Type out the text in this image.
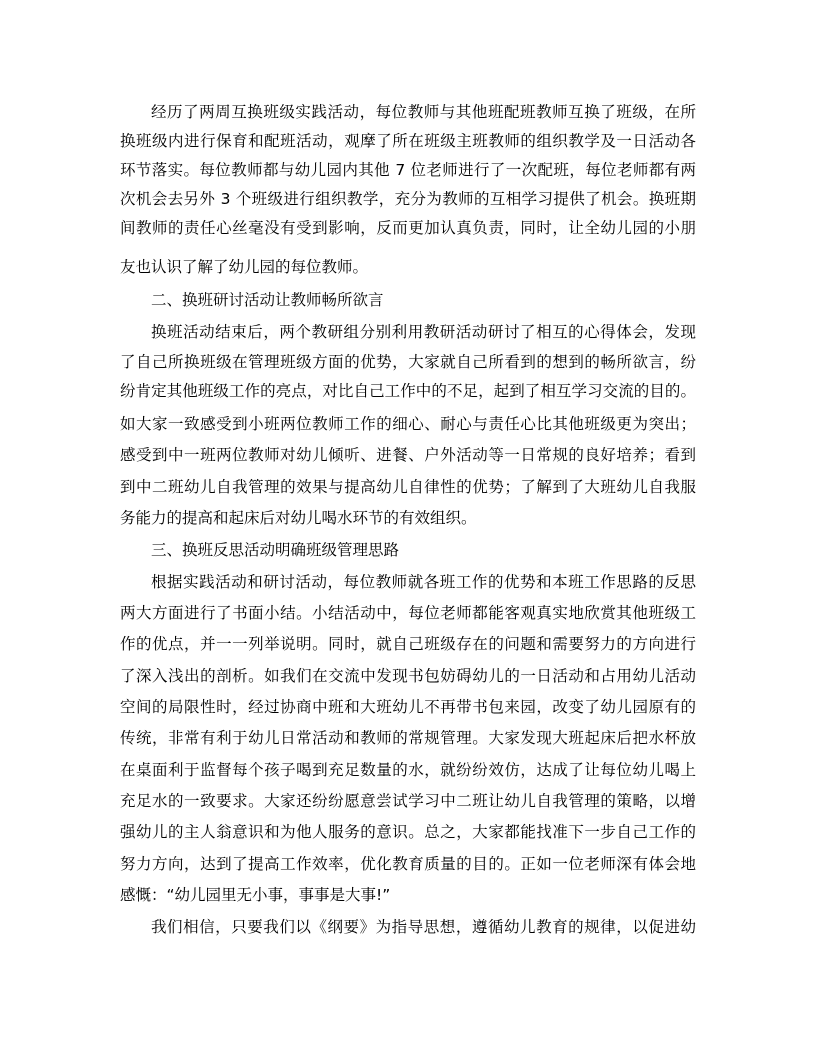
经历了两周互换班级实践活动，每位教师与其他班配班教师互换了班级，在所
换班级内进行保育和配班活动，观摩了所在班级主班教师的组织教学及一日活动各
环节落实。每位教师都与幼儿园内其他 7 位老师进行了一次配班，每位老师都有两
次机会去另外 3 个班级进行组织教学，充分为教师的互相学习提供了机会。换班期
间教师的责任心丝毫没有受到影响，反而更加认真负责，同时，让全幼儿园的小朋
友也认识了解了幼儿园的每位教师。
二、换班研讨活动让教师畅所欲言
换班活动结束后，两个教研组分别利用教研活动研讨了相互的心得体会，发现
了自己所换班级在管理班级方面的优势，大家就自己所看到的想到的畅所欲言，纷
纷肯定其他班级工作的亮点，对比自己工作中的不足，起到了相互学习交流的目的。
如大家一致感受到小班两位教师工作的细心、耐心与责任心比其他班级更为突出；
感受到中一班两位教师对幼儿倾听、进餐、户外活动等一日常规的良好培养；看到
到中二班幼儿自我管理的效果与提高幼儿自律性的优势；了解到了大班幼儿自我服
务能力的提高和起床后对幼儿喝水环节的有效组织。
三、换班反思活动明确班级管理思路
根据实践活动和研讨活动，每位教师就各班工作的优势和本班工作思路的反思
两大方面进行了书面小结。小结活动中，每位老师都能客观真实地欣赏其他班级工
作的优点，并一一列举说明。同时，就自己班级存在的问题和需要努力的方向进行
了深入浅出的剖析。如我们在交流中发现书包妨碍幼儿的一日活动和占用幼儿活动
空间的局限性时，经过协商中班和大班幼儿不再带书包来园，改变了幼儿园原有的
传统，非常有利于幼儿日常活动和教师的常规管理。大家发现大班起床后把水杯放
在桌面利于监督每个孩子喝到充足数量的水，就纷纷效仿，达成了让每位幼儿喝上
充足水的一致要求。大家还纷纷愿意尝试学习中二班让幼儿自我管理的策略，以增
强幼儿的主人翁意识和为他人服务的意识。总之，大家都能找准下一步自己工作的
努力方向，达到了提高工作效率，优化教育质量的目的。正如一位老师深有体会地
感慨：“幼儿园里无小事，事事是大事!”
我们相信，只要我们以《纲要》为指导思想，遵循幼儿教育的规律，以促进幼
